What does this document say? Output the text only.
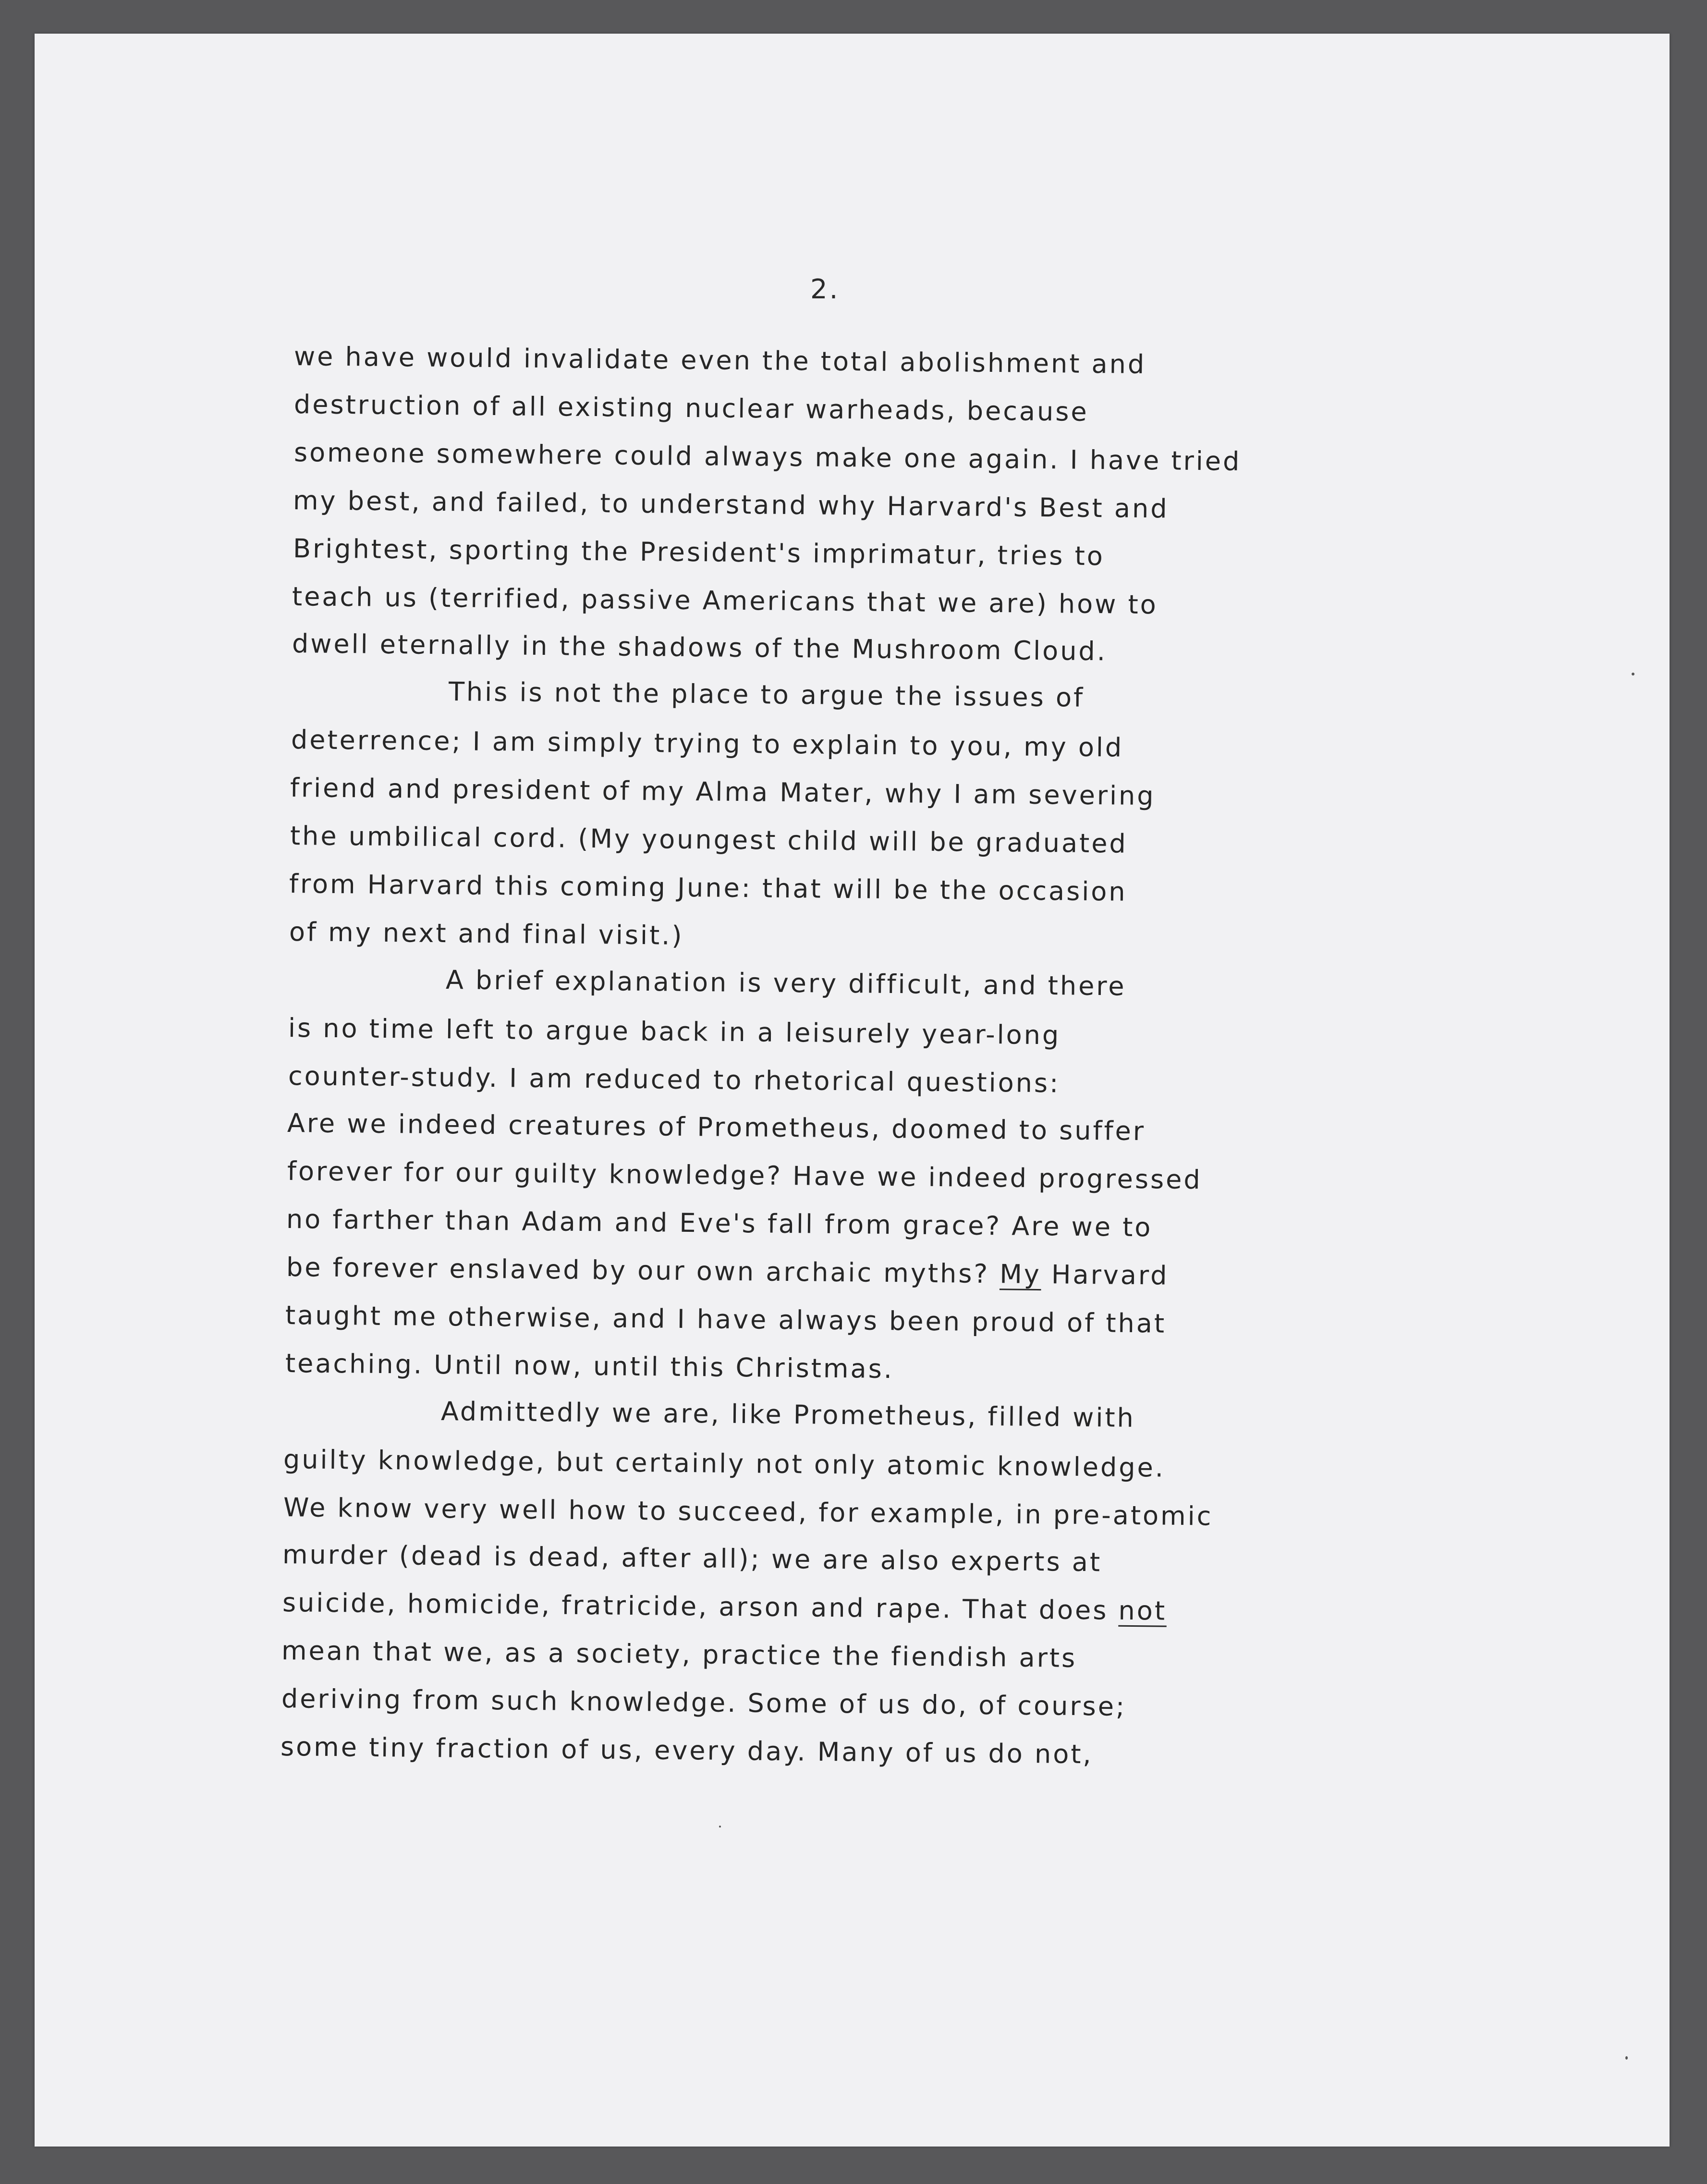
2.
we have would invalidate even the total abolishment and
destruction of all existing nuclear warheads, because
someone somewhere could always make one again. I have tried
my best, and failed, to understand why Harvard's Best and
Brightest, sporting the President's imprimatur, tries to
teach us (terrified, passive Americans that we are) how to
dwell eternally in the shadows of the Mushroom Cloud.
This is not the place to argue the issues of
deterrence; I am simply trying to explain to you, my old
friend and president of my Alma Mater, why I am severing
the umbilical cord. (My youngest child will be graduated
from Harvard this coming June: that will be the occasion
of my next and final visit.)
A brief explanation is very difficult, and there
is no time left to argue back in a leisurely year-long
counter-study. I am reduced to rhetorical questions:
Are we indeed creatures of Prometheus, doomed to suffer
forever for our guilty knowledge? Have we indeed progressed
no farther than Adam and Eve's fall from grace? Are we to
be forever enslaved by our own archaic myths? My Harvard
taught me otherwise, and I have always been proud of that
teaching. Until now, until this Christmas.
Admittedly we are, like Prometheus, filled with
guilty knowledge, but certainly not only atomic knowledge.
We know very well how to succeed, for example, in pre-atomic
murder (dead is dead, after all); we are also experts at
suicide, homicide, fratricide, arson and rape. That does not
mean that we, as a society, practice the fiendish arts
deriving from such knowledge. Some of us do, of course;
some tiny fraction of us, every day. Many of us do not,
